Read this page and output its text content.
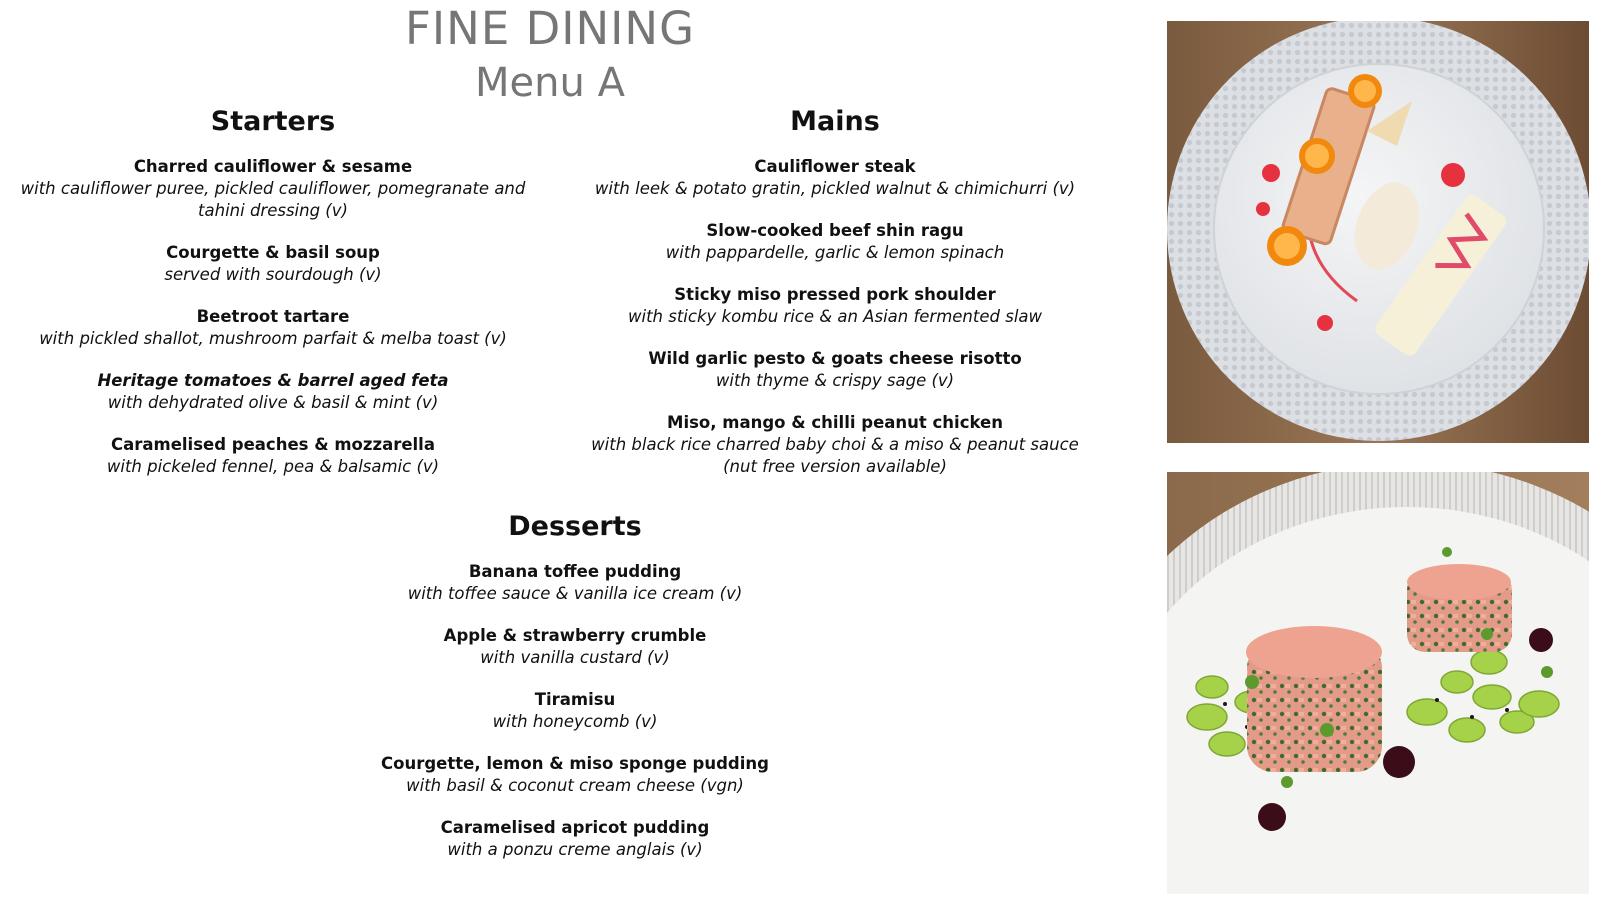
FINE DINING
Menu A
Starters
Charred cauliflower & sesame
with cauliflower puree, pickled cauliflower, pomegranate and tahini dressing (v)
Courgette & basil soup
served with sourdough (v)
Beetroot tartare
with pickled shallot, mushroom parfait & melba toast (v)
Heritage tomatoes & barrel aged feta
with dehydrated olive & basil & mint (v)
Caramelised peaches & mozzarella
with pickeled fennel, pea & balsamic (v)
Mains
Cauliflower steak
with leek & potato gratin, pickled walnut & chimichurri (v)
Slow-cooked beef shin ragu
with pappardelle, garlic & lemon spinach
Sticky miso pressed pork shoulder
with sticky kombu rice & an Asian fermented slaw
Wild garlic pesto & goats cheese risotto
with thyme & crispy sage (v)
Miso, mango & chilli peanut chicken
with black rice charred baby choi & a miso & peanut sauce (nut free version available)
Desserts
Banana toffee pudding
with toffee sauce & vanilla ice cream (v)
Apple & strawberry crumble
with vanilla custard (v)
Tiramisu
with honeycomb (v)
Courgette, lemon & miso sponge pudding
with basil & coconut cream cheese (vgn)
Caramelised apricot pudding
with a ponzu creme anglais (v)
